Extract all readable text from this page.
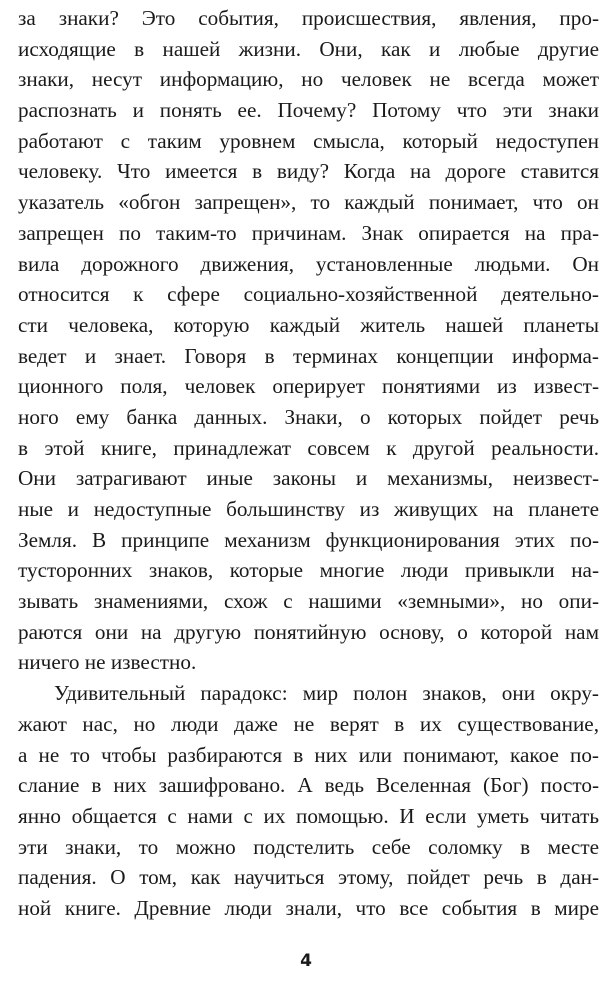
за знаки? Это события, происшествия, явления, про-
исходящие в нашей жизни. Они, как и любые другие
знаки, несут информацию, но человек не всегда может
распознать и понять ее. Почему? Потому что эти знаки
работают с таким уровнем смысла, который недоступен
человеку. Что имеется в виду? Когда на дороге ставится
указатель «обгон запрещен», то каждый понимает, что он
запрещен по таким-то причинам. Знак опирается на пра-
вила дорожного движения, установленные людьми. Он
относится к сфере социально-хозяйственной деятельно-
сти человека, которую каждый житель нашей планеты
ведет и знает. Говоря в терминах концепции информа-
ционного поля, человек оперирует понятиями из извест-
ного ему банка данных. Знаки, о которых пойдет речь
в этой книге, принадлежат совсем к другой реальности.
Они затрагивают иные законы и механизмы, неизвест-
ные и недоступные большинству из живущих на планете
Земля. В принципе механизм функционирования этих по-
тусторонних знаков, которые многие люди привыкли на-
зывать знамениями, схож с нашими «земными», но опи-
раются они на другую понятийную основу, о которой нам
ничего не известно.
Удивительный парадокс: мир полон знаков, они окру-
жают нас, но люди даже не верят в их существование,
а не то чтобы разбираются в них или понимают, какое по-
слание в них зашифровано. А ведь Вселенная (Бог) посто-
янно общается с нами с их помощью. И если уметь читать
эти знаки, то можно подстелить себе соломку в месте
падения. О том, как научиться этому, пойдет речь в дан-
ной книге. Древние люди знали, что все события в мире
4
